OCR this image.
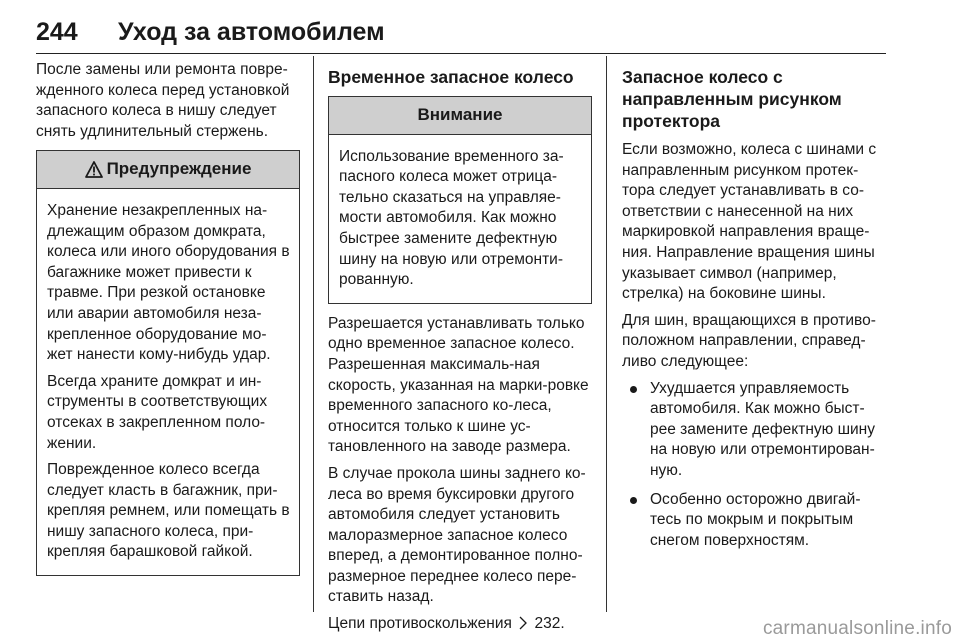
244	Уход за автомобилем

После замены или ремонта повре-жденного колеса перед установкой запасного колеса в нишу следует снять удлинительный стержень.

Предупреждение

Хранение незакрепленных на-длежащим образом домкрата, колеса или иного оборудования в багажнике может привести к травме. При резкой остановке или аварии автомобиля неза-крепленное оборудование мо-жет нанести кому-нибудь удар.

Всегда храните домкрат и ин-струменты в соответствующих отсеках в закрепленном поло-жении.

Поврежденное колесо всегда следует класть в багажник, при-крепляя ремнем, или помещать в нишу запасного колеса, при-крепляя барашковой гайкой.

Временное запасное колесо
Внимание

Использование временного за-пасного колеса может отрица-тельно сказаться на управляе-мости автомобиля. Как можно быстрее замените дефектную шину на новую или отремонти-рованную.

Разрешается устанавливать только одно временное запасное колесо. Разрешенная максималь-ная скорость, указанная на марки-ровке временного запасного ко-леса, относится только к шине ус-тановленного на заводе размера.

В случае прокола шины заднего ко-леса во время буксировки другого автомобиля следует установить малоразмерное запасное колесо вперед, а демонтированное полно-размерное переднее колесо пере-ставить назад.

Цепи противоскольжения 232.

Запасное колесо с направленным рисунком протектора

Если возможно, колеса с шинами с направленным рисунком протек-тора следует устанавливать в со-ответствии с нанесенной на них маркировкой направления враще-ния. Направление вращения шины указывает символ (например, стрелка) на боковине шины.

Для шин, вращающихся в противо-положном направлении, справед-ливо следующее:

Ухудшается управляемость автомобиля. Как можно быст-рее замените дефектную шину на новую или отремонтирован-ную.
Особенно осторожно двигай-тесь по мокрым и покрытым снегом поверхностям.
carmanualsonline.info
